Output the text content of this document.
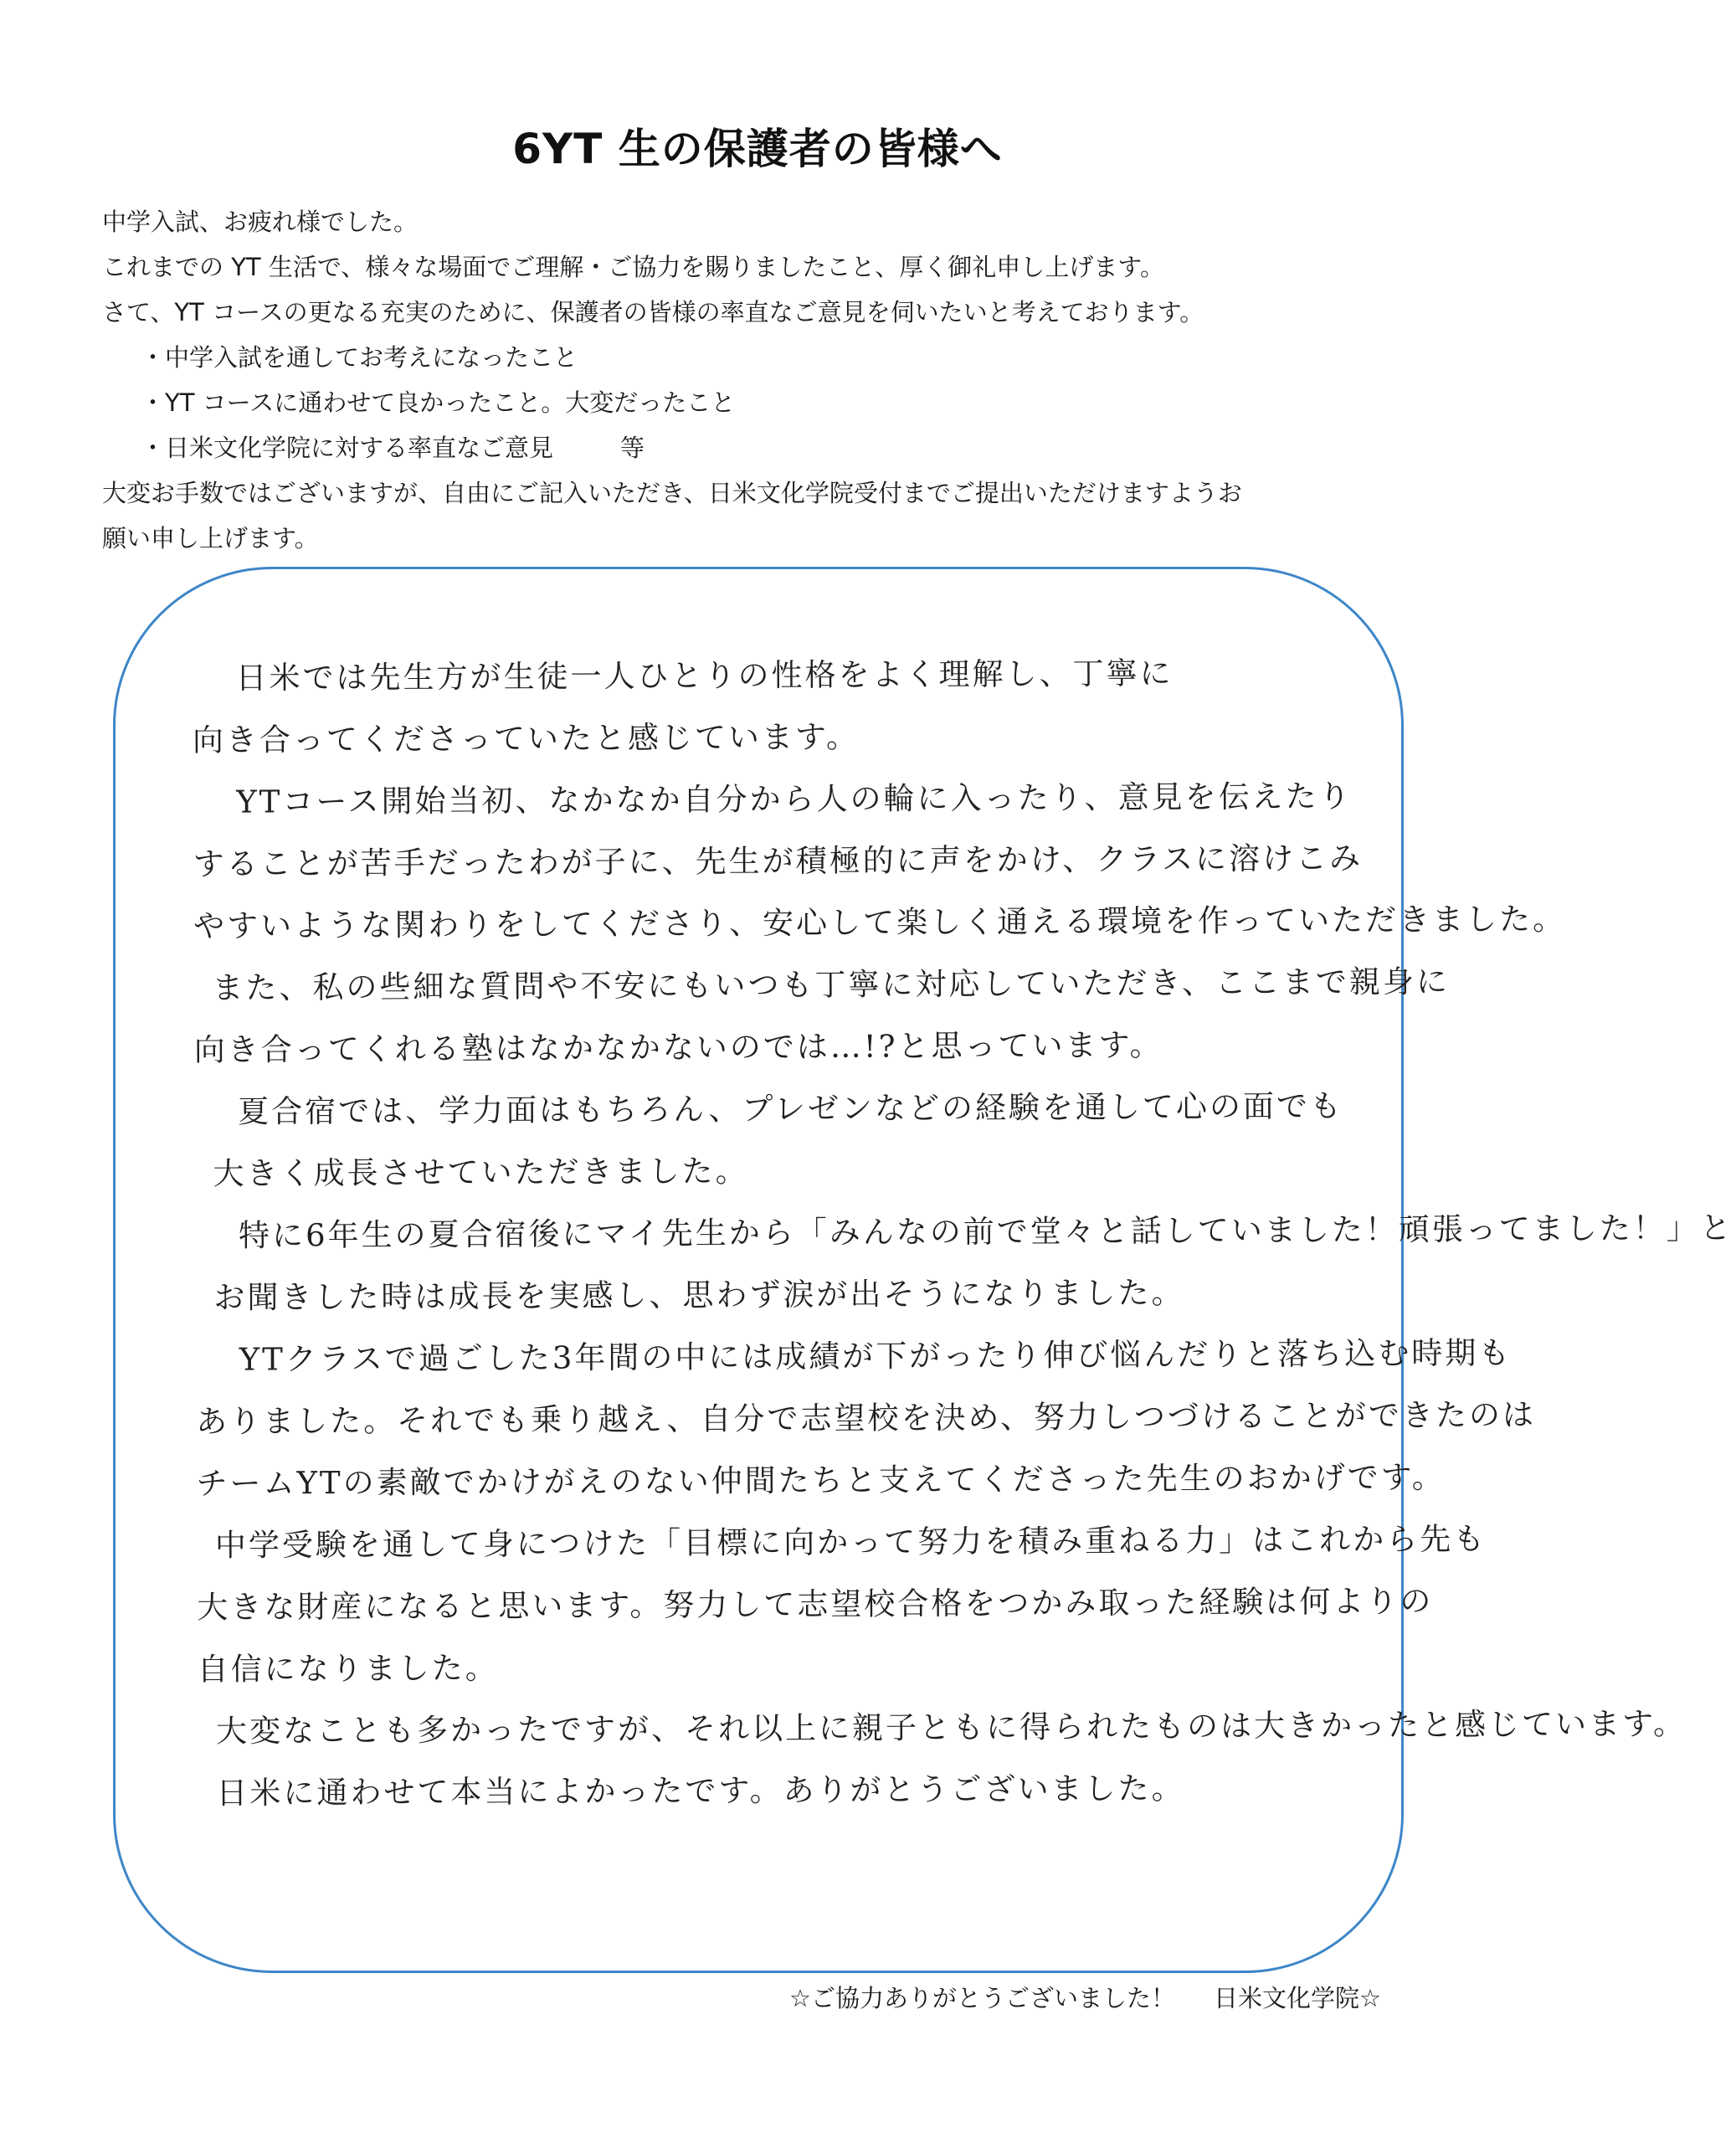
6YT 生の保護者の皆様へ
中学入試、お疲れ様でした。
これまでの YT 生活で、様々な場面でご理解・ご協力を賜りましたこと、厚く御礼申し上げます。
さて、YT コースの更なる充実のために、保護者の皆様の率直なご意見を伺いたいと考えております。
・中学入試を通してお考えになったこと
・YT コースに通わせて良かったこと。大変だったこと
・日米文化学院に対する率直なご意見	等
大変お手数ではございますが、自由にご記入いただき、日米文化学院受付までご提出いただけますようお
願い申し上げます。
日米では先生方が生徒一人ひとりの性格をよく理解し、丁寧に
向き合ってくださっていたと感じています。
YTコース開始当初、なかなか自分から人の輪に入ったり、意見を伝えたり
することが苦手だったわが子に、先生が積極的に声をかけ、クラスに溶けこみ
やすいような関わりをしてくださり、安心して楽しく通える環境を作っていただきました。
また、私の些細な質問や不安にもいつも丁寧に対応していただき、ここまで親身に
向き合ってくれる塾はなかなかないのでは…!?と思っています。
夏合宿では、学力面はもちろん、プレゼンなどの経験を通して心の面でも
大きく成長させていただきました。
特に6年生の夏合宿後にマイ先生から「みんなの前で堂々と話していました！頑張ってました！」と
お聞きした時は成長を実感し、思わず涙が出そうになりました。
YTクラスで過ごした3年間の中には成績が下がったり伸び悩んだりと落ち込む時期も
ありました。それでも乗り越え、自分で志望校を決め、努力しつづけることができたのは
チームYTの素敵でかけがえのない仲間たちと支えてくださった先生のおかげです。
中学受験を通して身につけた「目標に向かって努力を積み重ねる力」はこれから先も
大きな財産になると思います。努力して志望校合格をつかみ取った経験は何よりの
自信になりました。
大変なことも多かったですが、それ以上に親子ともに得られたものは大きかったと感じています。
日米に通わせて本当によかったです。ありがとうございました。
☆ご協力ありがとうございました！ 日米文化学院☆
